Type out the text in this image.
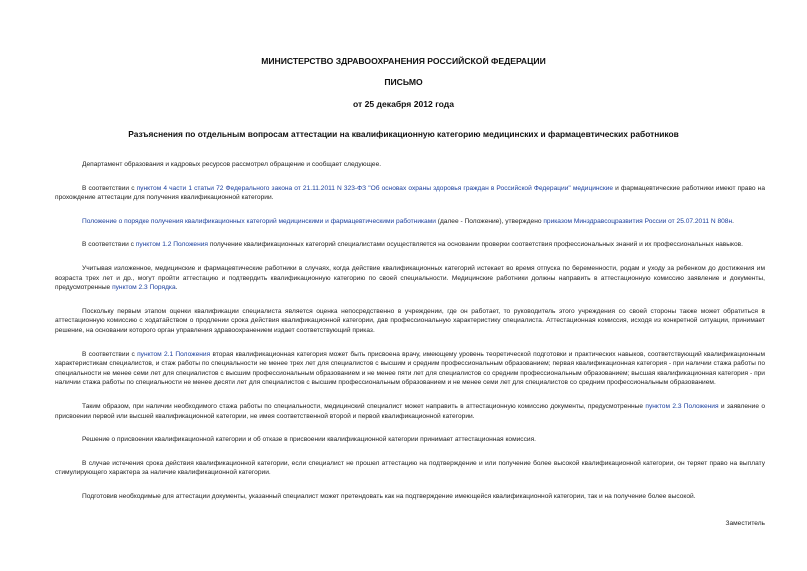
МИНИСТЕРСТВО ЗДРАВООХРАНЕНИЯ РОССИЙСКОЙ ФЕДЕРАЦИИ
ПИСЬМО
от 25 декабря 2012 года
Разъяснения по отдельным вопросам аттестации на квалификационную категорию медицинских и фармацевтических работников

Департамент образования и кадровых ресурсов рассмотрел обращение и сообщает следующее.

В соответствии с пунктом 4 части 1 статьи 72 Федерального закона от 21.11.2011 N 323-ФЗ "Об основах охраны здоровья граждан в Российской Федерации" медицинские и фармацевтические работники имеют право на прохождение аттестации для получения квалификационной категории.

Положение о порядке получения квалификационных категорий медицинскими и фармацевтическими работниками (далее - Положение), утверждено приказом Минздравсоцразвития России от 25.07.2011 N 808н.

В соответствии с пунктом 1.2 Положения получение квалификационных категорий специалистами осуществляется на основании проверки соответствия профессиональных знаний и их профессиональных навыков.

Учитывая изложенное, медицинские и фармацевтические работники в случаях, когда действие квалификационных категорий истекает во время отпуска по беременности, родам и уходу за ребенком до достижения им возраста трех лет и др., могут пройти аттестацию и подтвердить квалификационную категорию по своей специальности. Медицинские работники должны направить в аттестационную комиссию заявление и документы, предусмотренные пунктом 2.3 Порядка.

Поскольку первым этапом оценки квалификации специалиста является оценка непосредственно в учреждении, где он работает, то руководитель этого учреждения со своей стороны также может обратиться в аттестационную комиссию с ходатайством о продлении срока действия квалификационной категории, дав профессиональную характеристику специалиста. Аттестационная комиссия, исходя из конкретной ситуации, принимает решение, на основании которого орган управления здравоохранением издает соответствующий приказ.

В соответствии с пунктом 2.1 Положения вторая квалификационная категория может быть присвоена врачу, имеющему уровень теоретической подготовки и практических навыков, соответствующий квалификационным характеристикам специалистов, и стаж работы по специальности не менее трех лет для специалистов с высшим и средним профессиональным образованием; первая квалификационная категория - при наличии стажа работы по специальности не менее семи лет для специалистов с высшим профессиональным образованием и не менее пяти лет для специалистов со средним профессиональным образованием; высшая квалификационная категория - при наличии стажа работы по специальности не менее десяти лет для специалистов с высшим профессиональным образованием и не менее семи лет для специалистов со средним профессиональным образованием.

Таким образом, при наличии необходимого стажа работы по специальности, медицинский специалист может направить в аттестационную комиссию документы, предусмотренные пунктом 2.3 Положения и заявление о присвоении первой или высшей квалификационной категории, не имея соответственной второй и первой квалификационной категории.

Решение о присвоении квалификационной категории и об отказе в присвоении квалификационной категории принимает аттестационная комиссия.

В случае истечения срока действия квалификационной категории, если специалист не прошел аттестацию на подтверждение и или получение более высокой квалификационной категории, он теряет право на выплату стимулирующего характера за наличие квалификационной категории.

Подготовив необходимые для аттестации документы, указанный специалист может претендовать как на подтверждение имеющейся квалификационной категории, так и на получение более высокой.

Заместитель
